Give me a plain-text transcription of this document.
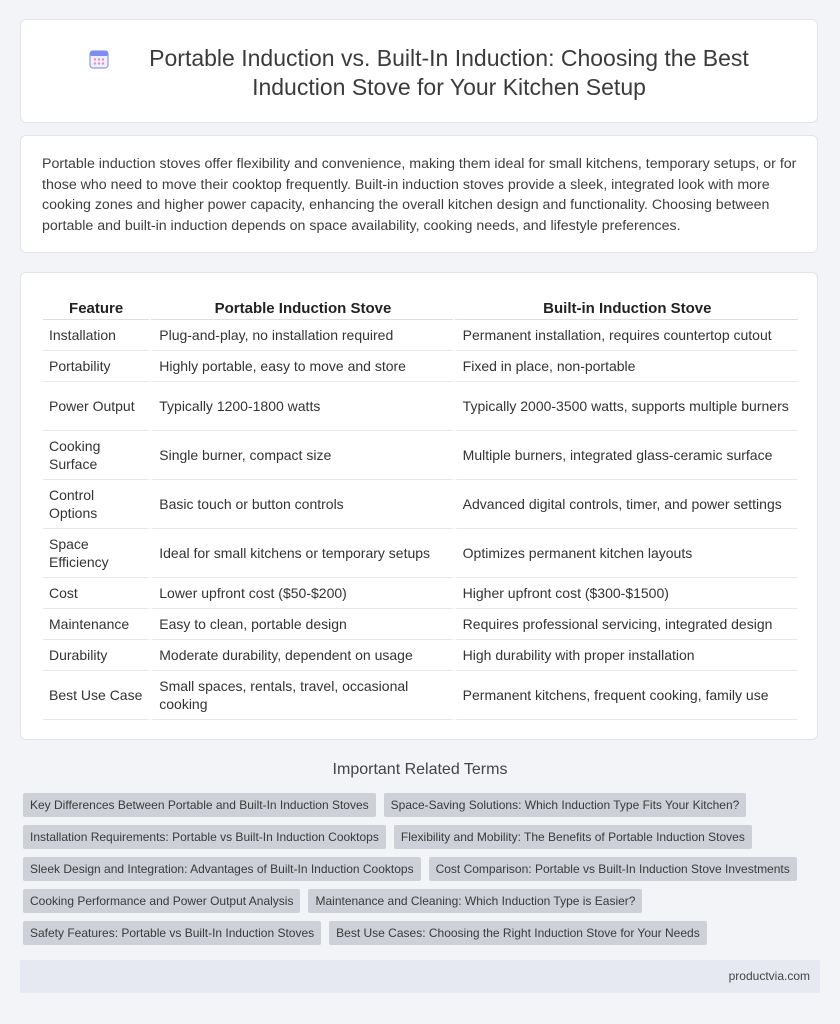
Portable Induction vs. Built-In Induction: Choosing the Best Induction Stove for Your Kitchen Setup
Portable induction stoves offer flexibility and convenience, making them ideal for small kitchens, temporary setups, or for those who need to move their cooktop frequently. Built-in induction stoves provide a sleek, integrated look with more cooking zones and higher power capacity, enhancing the overall kitchen design and functionality. Choosing between portable and built-in induction depends on space availability, cooking needs, and lifestyle preferences.
Feature	Portable Induction Stove	Built-in Induction Stove
Installation	Plug-and-play, no installation required	Permanent installation, requires countertop cutout
Portability	Highly portable, easy to move and store	Fixed in place, non-portable
Power Output	Typically 1200-1800 watts	Typically 2000-3500 watts, supports multiple burners
Cooking Surface	Single burner, compact size	Multiple burners, integrated glass-ceramic surface
Control Options	Basic touch or button controls	Advanced digital controls, timer, and power settings
Space Efficiency	Ideal for small kitchens or temporary setups	Optimizes permanent kitchen layouts
Cost	Lower upfront cost ($50-$200)	Higher upfront cost ($300-$1500)
Maintenance	Easy to clean, portable design	Requires professional servicing, integrated design
Durability	Moderate durability, dependent on usage	High durability with proper installation
Best Use Case	Small spaces, rentals, travel, occasional cooking	Permanent kitchens, frequent cooking, family use
Important Related Terms
Key Differences Between Portable and Built-In Induction Stoves	Space-Saving Solutions: Which Induction Type Fits Your Kitchen?
Installation Requirements: Portable vs Built-In Induction Cooktops	Flexibility and Mobility: The Benefits of Portable Induction Stoves
Sleek Design and Integration: Advantages of Built-In Induction Cooktops	Cost Comparison: Portable vs Built-In Induction Stove Investments
Cooking Performance and Power Output Analysis	Maintenance and Cleaning: Which Induction Type is Easier?
Safety Features: Portable vs Built-In Induction Stoves	Best Use Cases: Choosing the Right Induction Stove for Your Needs
productvia.com
